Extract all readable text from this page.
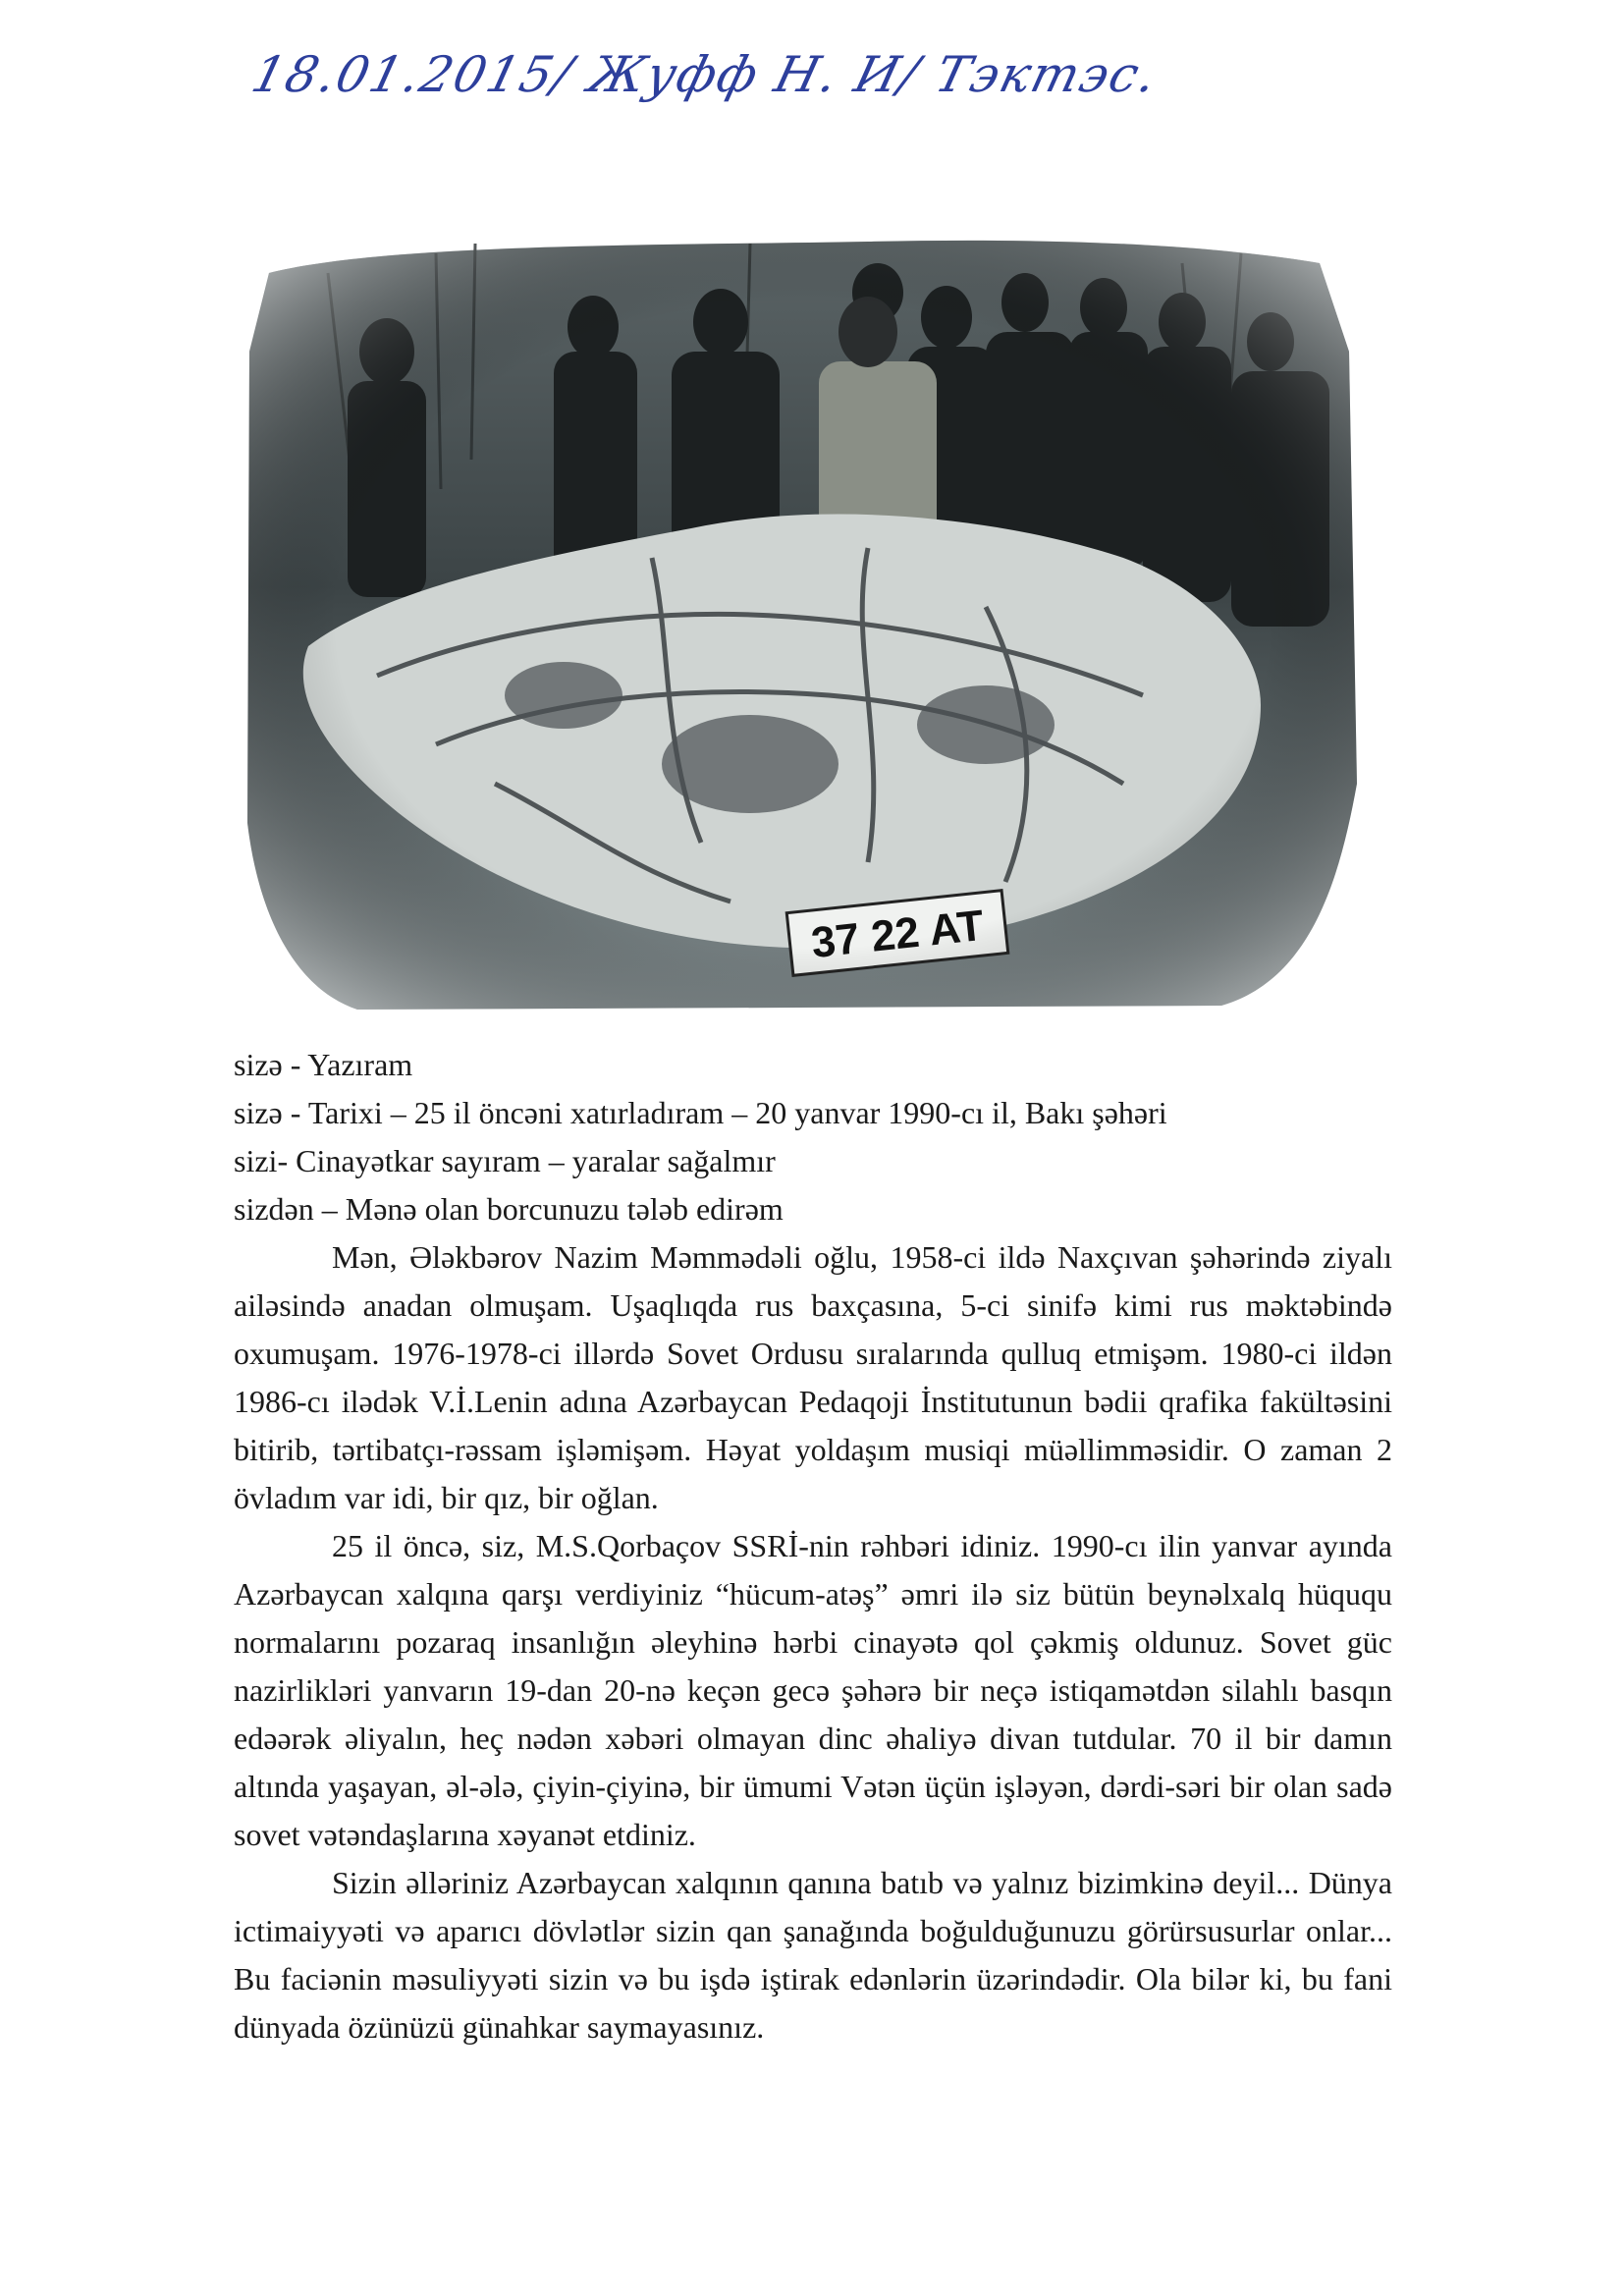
18.01.2015/ Жуфф Н. И/ Тэктэс.
sizə - Yazıram
sizə - Tarixi – 25 il öncəni xatırladıram – 20 yanvar 1990-cı il, Bakı şəhəri
sizi- Cinayətkar sayıram – yaralar sağalmır
sizdən – Mənə olan borcunuzu tələb edirəm

Mən, Ələkbərov Nazim Məmmədəli oğlu, 1958-ci ildə Naxçıvan şəhərində ziyalı ailəsində anadan olmuşam. Uşaqlıqda rus baxçasına, 5-ci sinifə kimi rus məktəbində oxumuşam. 1976-1978-ci illərdə Sovet Ordusu sıralarında qulluq etmişəm. 1980-ci ildən 1986-cı ilədək V.İ.Lenin adına Azərbaycan Pedaqoji İnstitutunun bədii qrafika fakültəsini bitirib, tərtibatçı-rəssam işləmişəm. Həyat yoldaşım musiqi müəllimməsidir. O zaman 2 övladım var idi, bir qız, bir oğlan.

25 il öncə, siz, M.S.Qorbaçov SSRİ-nin rəhbəri idiniz. 1990-cı ilin yanvar ayında Azərbaycan xalqına qarşı verdiyiniz “hücum-atəş” əmri ilə siz bütün beynəlxalq hüququ normalarını pozaraq insanlığın əleyhinə hərbi cinayətə qol çəkmiş oldunuz. Sovet güc nazirlikləri yanvarın 19-dan 20-nə keçən gecə şəhərə bir neçə istiqamətdən silahlı basqın edəərək əliyalın, heç nədən xəbəri olmayan dinc əhaliyə divan tutdular. 70 il bir damın altında yaşayan, əl-ələ, çiyin-çiyinə, bir ümumi Vətən üçün işləyən, dərdi-səri bir olan sadə sovet vətəndaşlarına xəyanət etdiniz.

Sizin əlləriniz Azərbaycan xalqının qanına batıb və yalnız bizimkinə deyil... Dünya ictimaiyyəti və aparıcı dövlətlər sizin qan şanağında boğulduğunuzu görürsusurlar onlar... Bu faciənin məsuliyyəti sizin və bu işdə iştirak edənlərin üzərindədir. Ola bilər ki, bu fani dünyada özünüzü günahkar saymayasınız.
